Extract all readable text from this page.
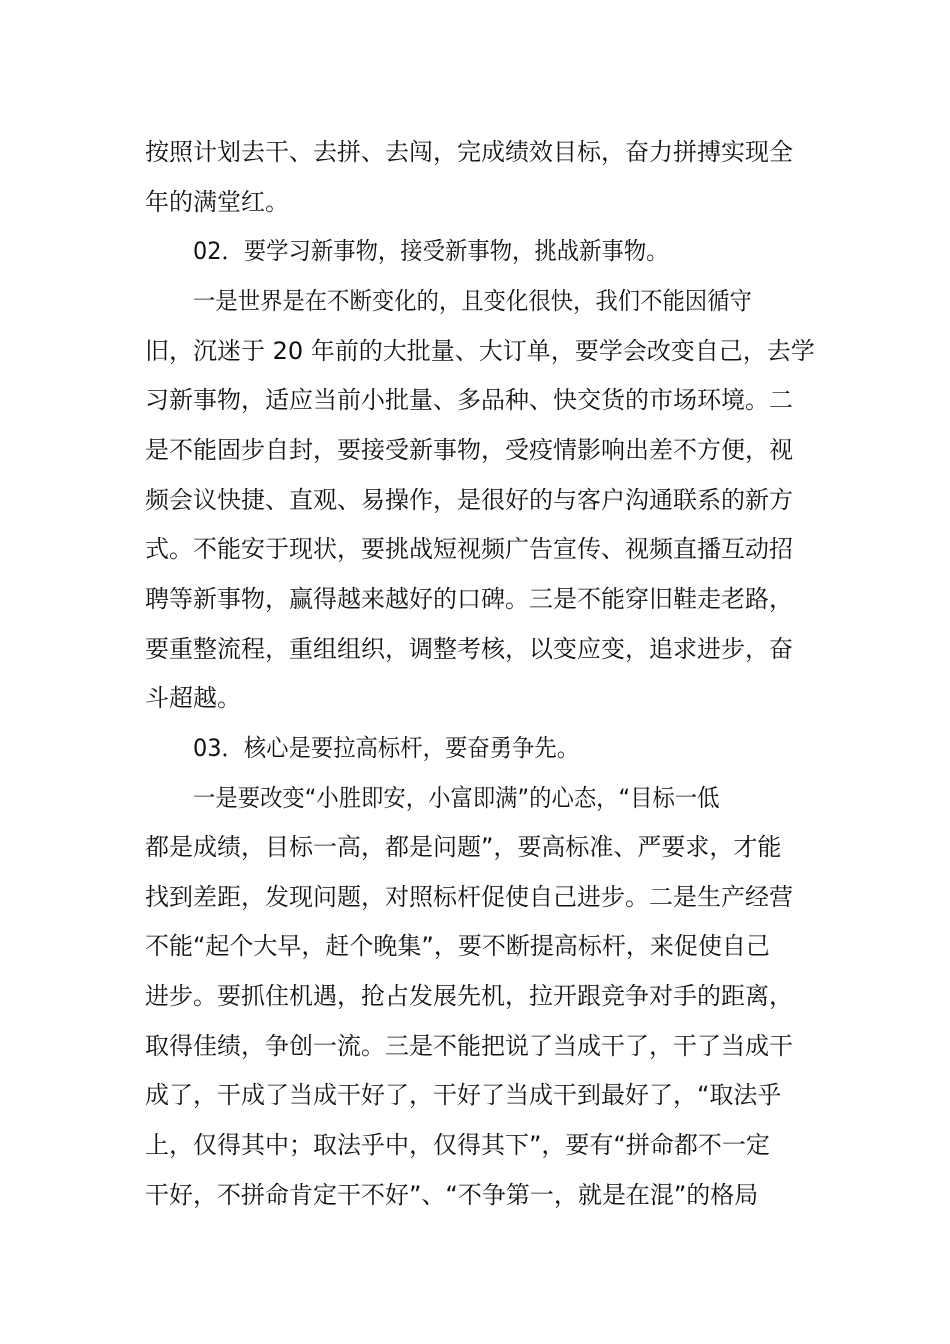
按照计划去干、去拼、去闯，完成绩效目标，奋力拼搏实现全
年的满堂红。
02．要学习新事物，接受新事物，挑战新事物。
一是世界是在不断变化的，且变化很快，我们不能因循守
旧，沉迷于 20 年前的大批量、大订单，要学会改变自己，去学
习新事物，适应当前小批量、多品种、快交货的市场环境。二
是不能固步自封，要接受新事物，受疫情影响出差不方便，视
频会议快捷、直观、易操作，是很好的与客户沟通联系的新方
式。不能安于现状，要挑战短视频广告宣传、视频直播互动招
聘等新事物，赢得越来越好的口碑。三是不能穿旧鞋走老路，
要重整流程，重组组织，调整考核，以变应变，追求进步，奋
斗超越。
03．核心是要拉高标杆，要奋勇争先。
一是要改变“小胜即安，小富即满”的心态，“目标一低
都是成绩，目标一高，都是问题”，要高标准、严要求，才能
找到差距，发现问题，对照标杆促使自己进步。二是生产经营
不能“起个大早，赶个晚集”，要不断提高标杆，来促使自己
进步。要抓住机遇，抢占发展先机，拉开跟竞争对手的距离，
取得佳绩，争创一流。三是不能把说了当成干了，干了当成干
成了，干成了当成干好了，干好了当成干到最好了，“取法乎
上，仅得其中；取法乎中，仅得其下”，要有“拼命都不一定
干好，不拼命肯定干不好”、“不争第一，就是在混”的格局
